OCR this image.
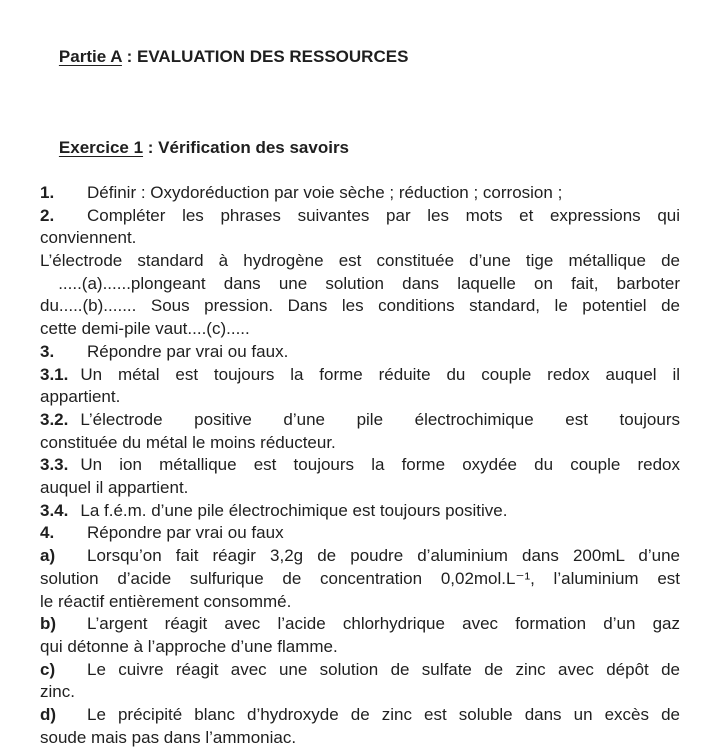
Partie A : EVALUATION DES RESSOURCES

Exercice 1 : Vérification des savoirs

1. Définir : Oxydoréduction par voie sèche ; réduction ; corrosion ;
2. Compléter les phrases suivantes par les mots et expressions qui
conviennent.
L’électrode standard à hydrogène est constituée d’une tige métallique de
.....(a)......plongeant dans une solution dans laquelle on fait, barboter
du.....(b)....... Sous pression. Dans les conditions standard, le potentiel de
cette demi-pile vaut....(c).....
3. Répondre par vrai ou faux.
3.1. Un métal est toujours la forme réduite du couple redox auquel il
appartient.
3.2. L’électrode positive d’une pile électrochimique est toujours
constituée du métal le moins réducteur.
3.3. Un ion métallique est toujours la forme oxydée du couple redox
auquel il appartient.
3.4. La f.é.m. d’une pile électrochimique est toujours positive.
4. Répondre par vrai ou faux
a) Lorsqu’on fait réagir 3,2g de poudre d’aluminium dans 200mL d’une
solution d’acide sulfurique de concentration 0,02mol.L⁻¹, l’aluminium est
le réactif entièrement consommé.
b) L’argent réagit avec l’acide chlorhydrique avec formation d’un gaz
qui détonne à l’approche d’une flamme.
c) Le cuivre réagit avec une solution de sulfate de zinc avec dépôt de
zinc.
d) Le précipité blanc d’hydroxyde de zinc est soluble dans un excès de
soude mais pas dans l’ammoniac.
